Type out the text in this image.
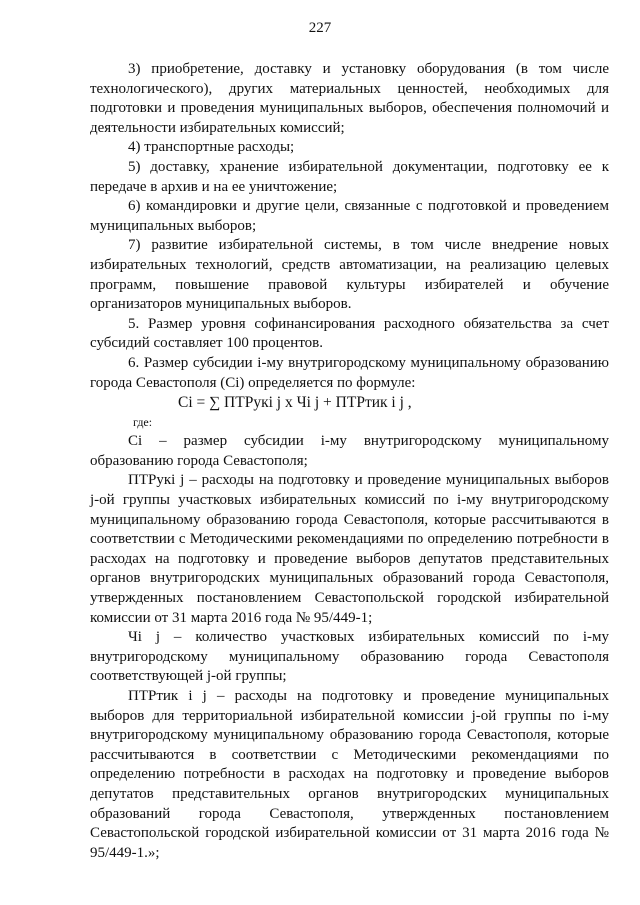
227

3) приобретение, доставку и установку оборудования (в том числе технологического), других материальных ценностей, необходимых для подготовки и проведения муниципальных выборов, обеспечения полномочий и деятельности избирательных комиссий;

4) транспортные расходы;

5) доставку, хранение избирательной документации, подготовку ее к передаче в архив и на ее уничтожение;

6) командировки и другие цели, связанные с подготовкой и проведением муниципальных выборов;

7) развитие избирательной системы, в том числе внедрение новых избирательных технологий, средств автоматизации, на реализацию целевых программ, повышение правовой культуры избирателей и обучение организаторов муниципальных выборов.

5. Размер уровня софинансирования расходного обязательства за счет субсидий составляет 100 процентов.

6. Размер субсидии i-му внутригородскому муниципальному образованию города Севастополя (Ci) определяется по формуле:

Ci = ∑ ПТРукі j x Чі j + ПТРтик і j ,

где:

Ci – размер субсидии i-му внутригородскому муниципальному образованию города Севастополя;

ПТРукі j – расходы на подготовку и проведение муниципальных выборов j-ой группы участковых избирательных комиссий по i-му внутригородскому муниципальному образованию города Севастополя, которые рассчитываются в соответствии с Методическими рекомендациями по определению потребности в расходах на подготовку и проведение выборов депутатов представительных органов внутригородских муниципальных образований города Севастополя, утвержденных постановлением Севастопольской городской избирательной комиссии от 31 марта 2016 года № 95/449-1;

Чi j – количество участковых избирательных комиссий по i-му внутригородскому муниципальному образованию города Севастополя соответствующей j-ой группы;

ПТРтик i j – расходы на подготовку и проведение муниципальных выборов для территориальной избирательной комиссии j-ой группы по i-му внутригородскому муниципальному образованию города Севастополя, которые рассчитываются в соответствии с Методическими рекомендациями по определению потребности в расходах на подготовку и проведение выборов депутатов представительных органов внутригородских муниципальных образований города Севастополя, утвержденных постановлением Севастопольской городской избирательной комиссии от 31 марта 2016 года № 95/449-1.»;
